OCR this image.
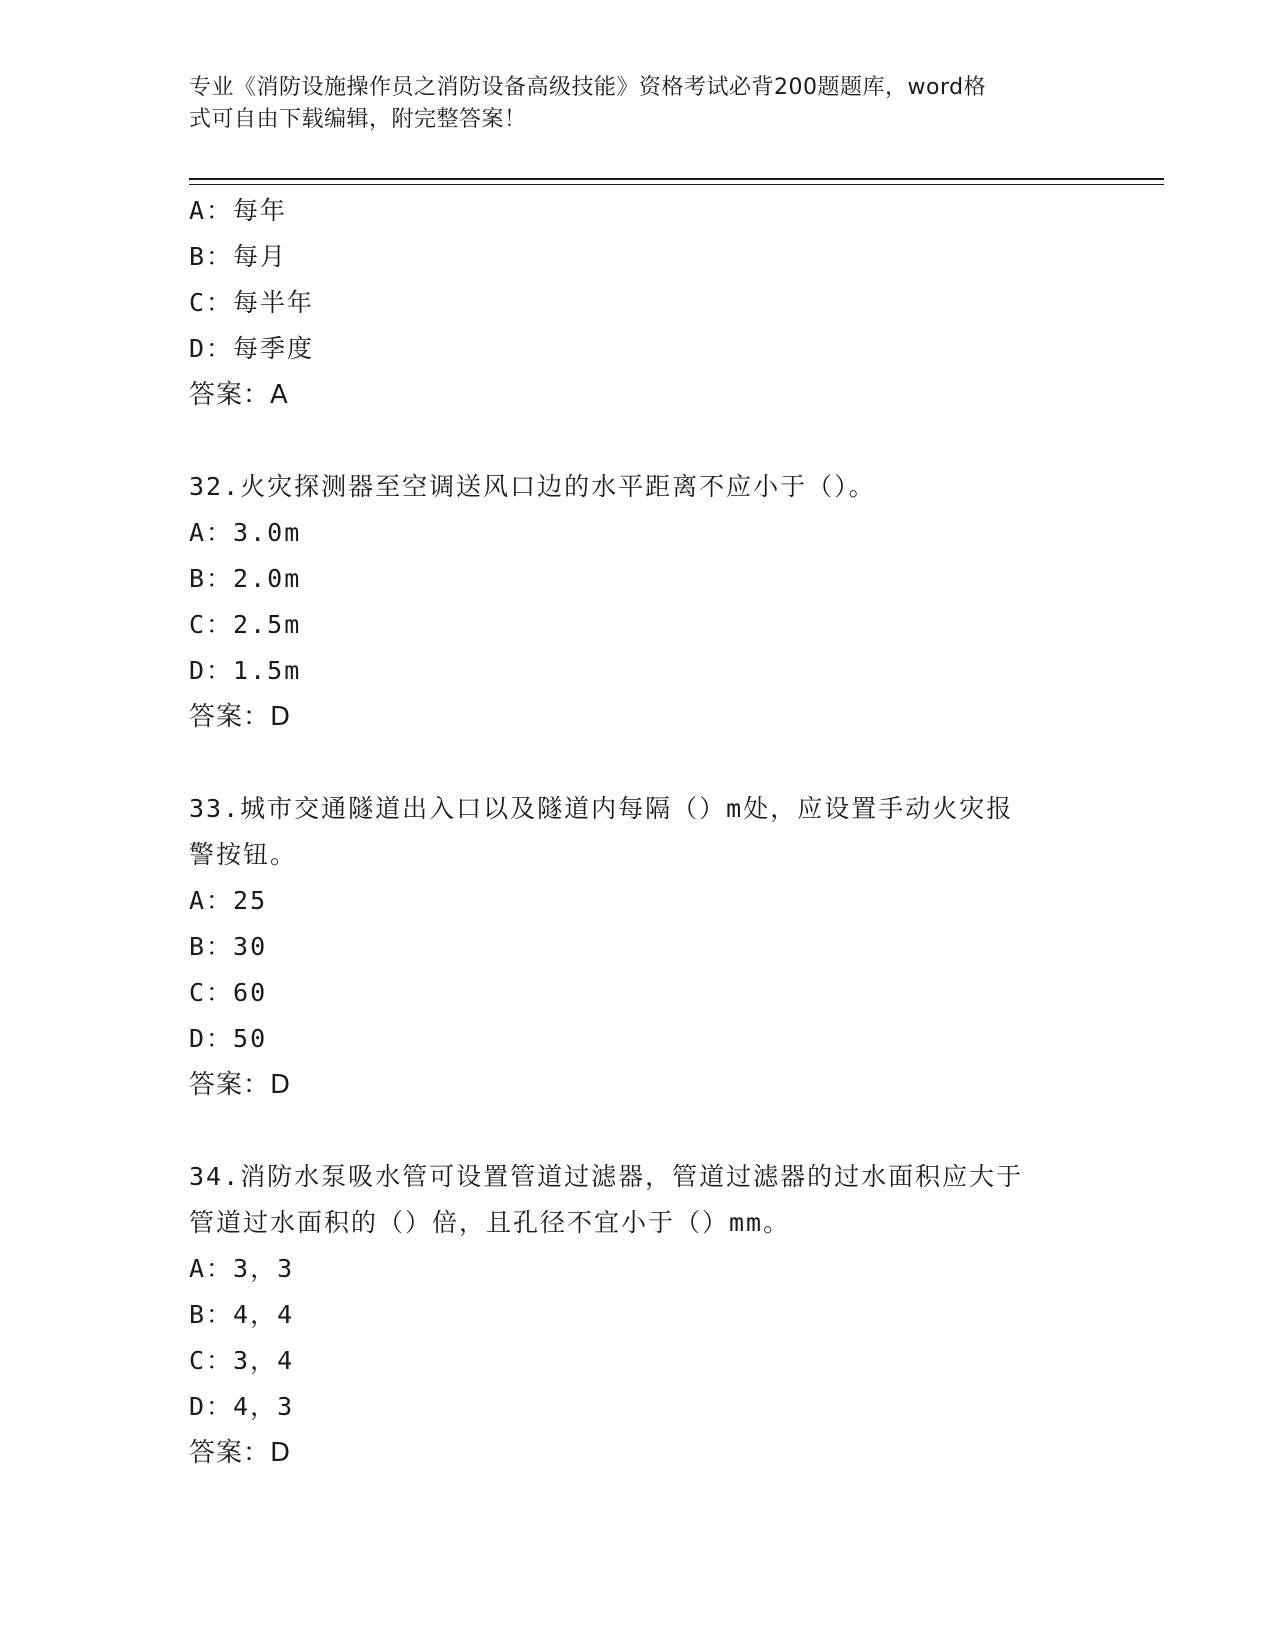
专业《消防设施操作员之消防设备高级技能》资格考试必背200题题库，word格
式可自由下载编辑，附完整答案！
A：每年
B：每月
C：每半年
D：每季度
答案：A
32.火灾探测器至空调送风口边的水平距离不应小于（）。
A：3.0m
B：2.0m
C：2.5m
D：1.5m
答案：D
33.城市交通隧道出入口以及隧道内每隔（）m处，应设置手动火灾报
警按钮。
A：25
B：30
C：60
D：50
答案：D
34.消防水泵吸水管可设置管道过滤器，管道过滤器的过水面积应大于
管道过水面积的（）倍，且孔径不宜小于（）mm。
A：3，3
B：4，4
C：3，4
D：4，3
答案：D
